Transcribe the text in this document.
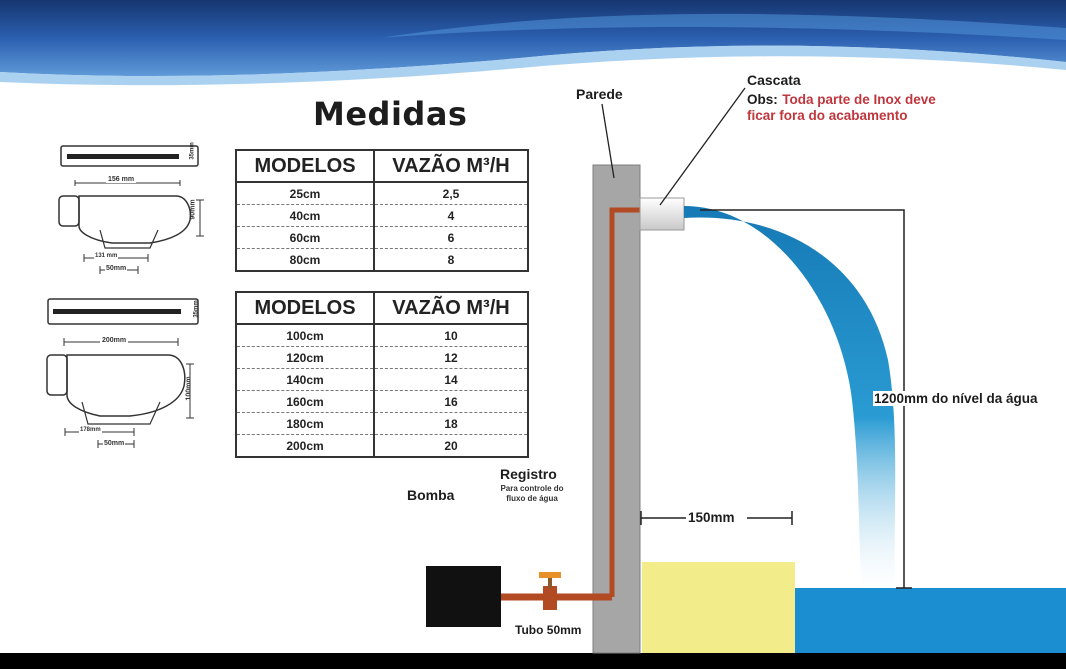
Medidas
156 mm
90mm
35mm
131 mm
50mm
200mm
100mm
35mm
178mm
50mm
MODELOS	VAZÃO M³/H
25cm	2,5
40cm	4
60cm	6
80cm	8
MODELOS	VAZÃO M³/H
100cm	10
120cm	12
140cm	14
160cm	16
180cm	18
200cm	20
Parede
Cascata
Obs: Toda parte de Inox deve
ficar fora do acabamento
1200mm do nível da água
150mm
Registro
Para controle do
fluxo de água
Bomba
Tubo 50mm
